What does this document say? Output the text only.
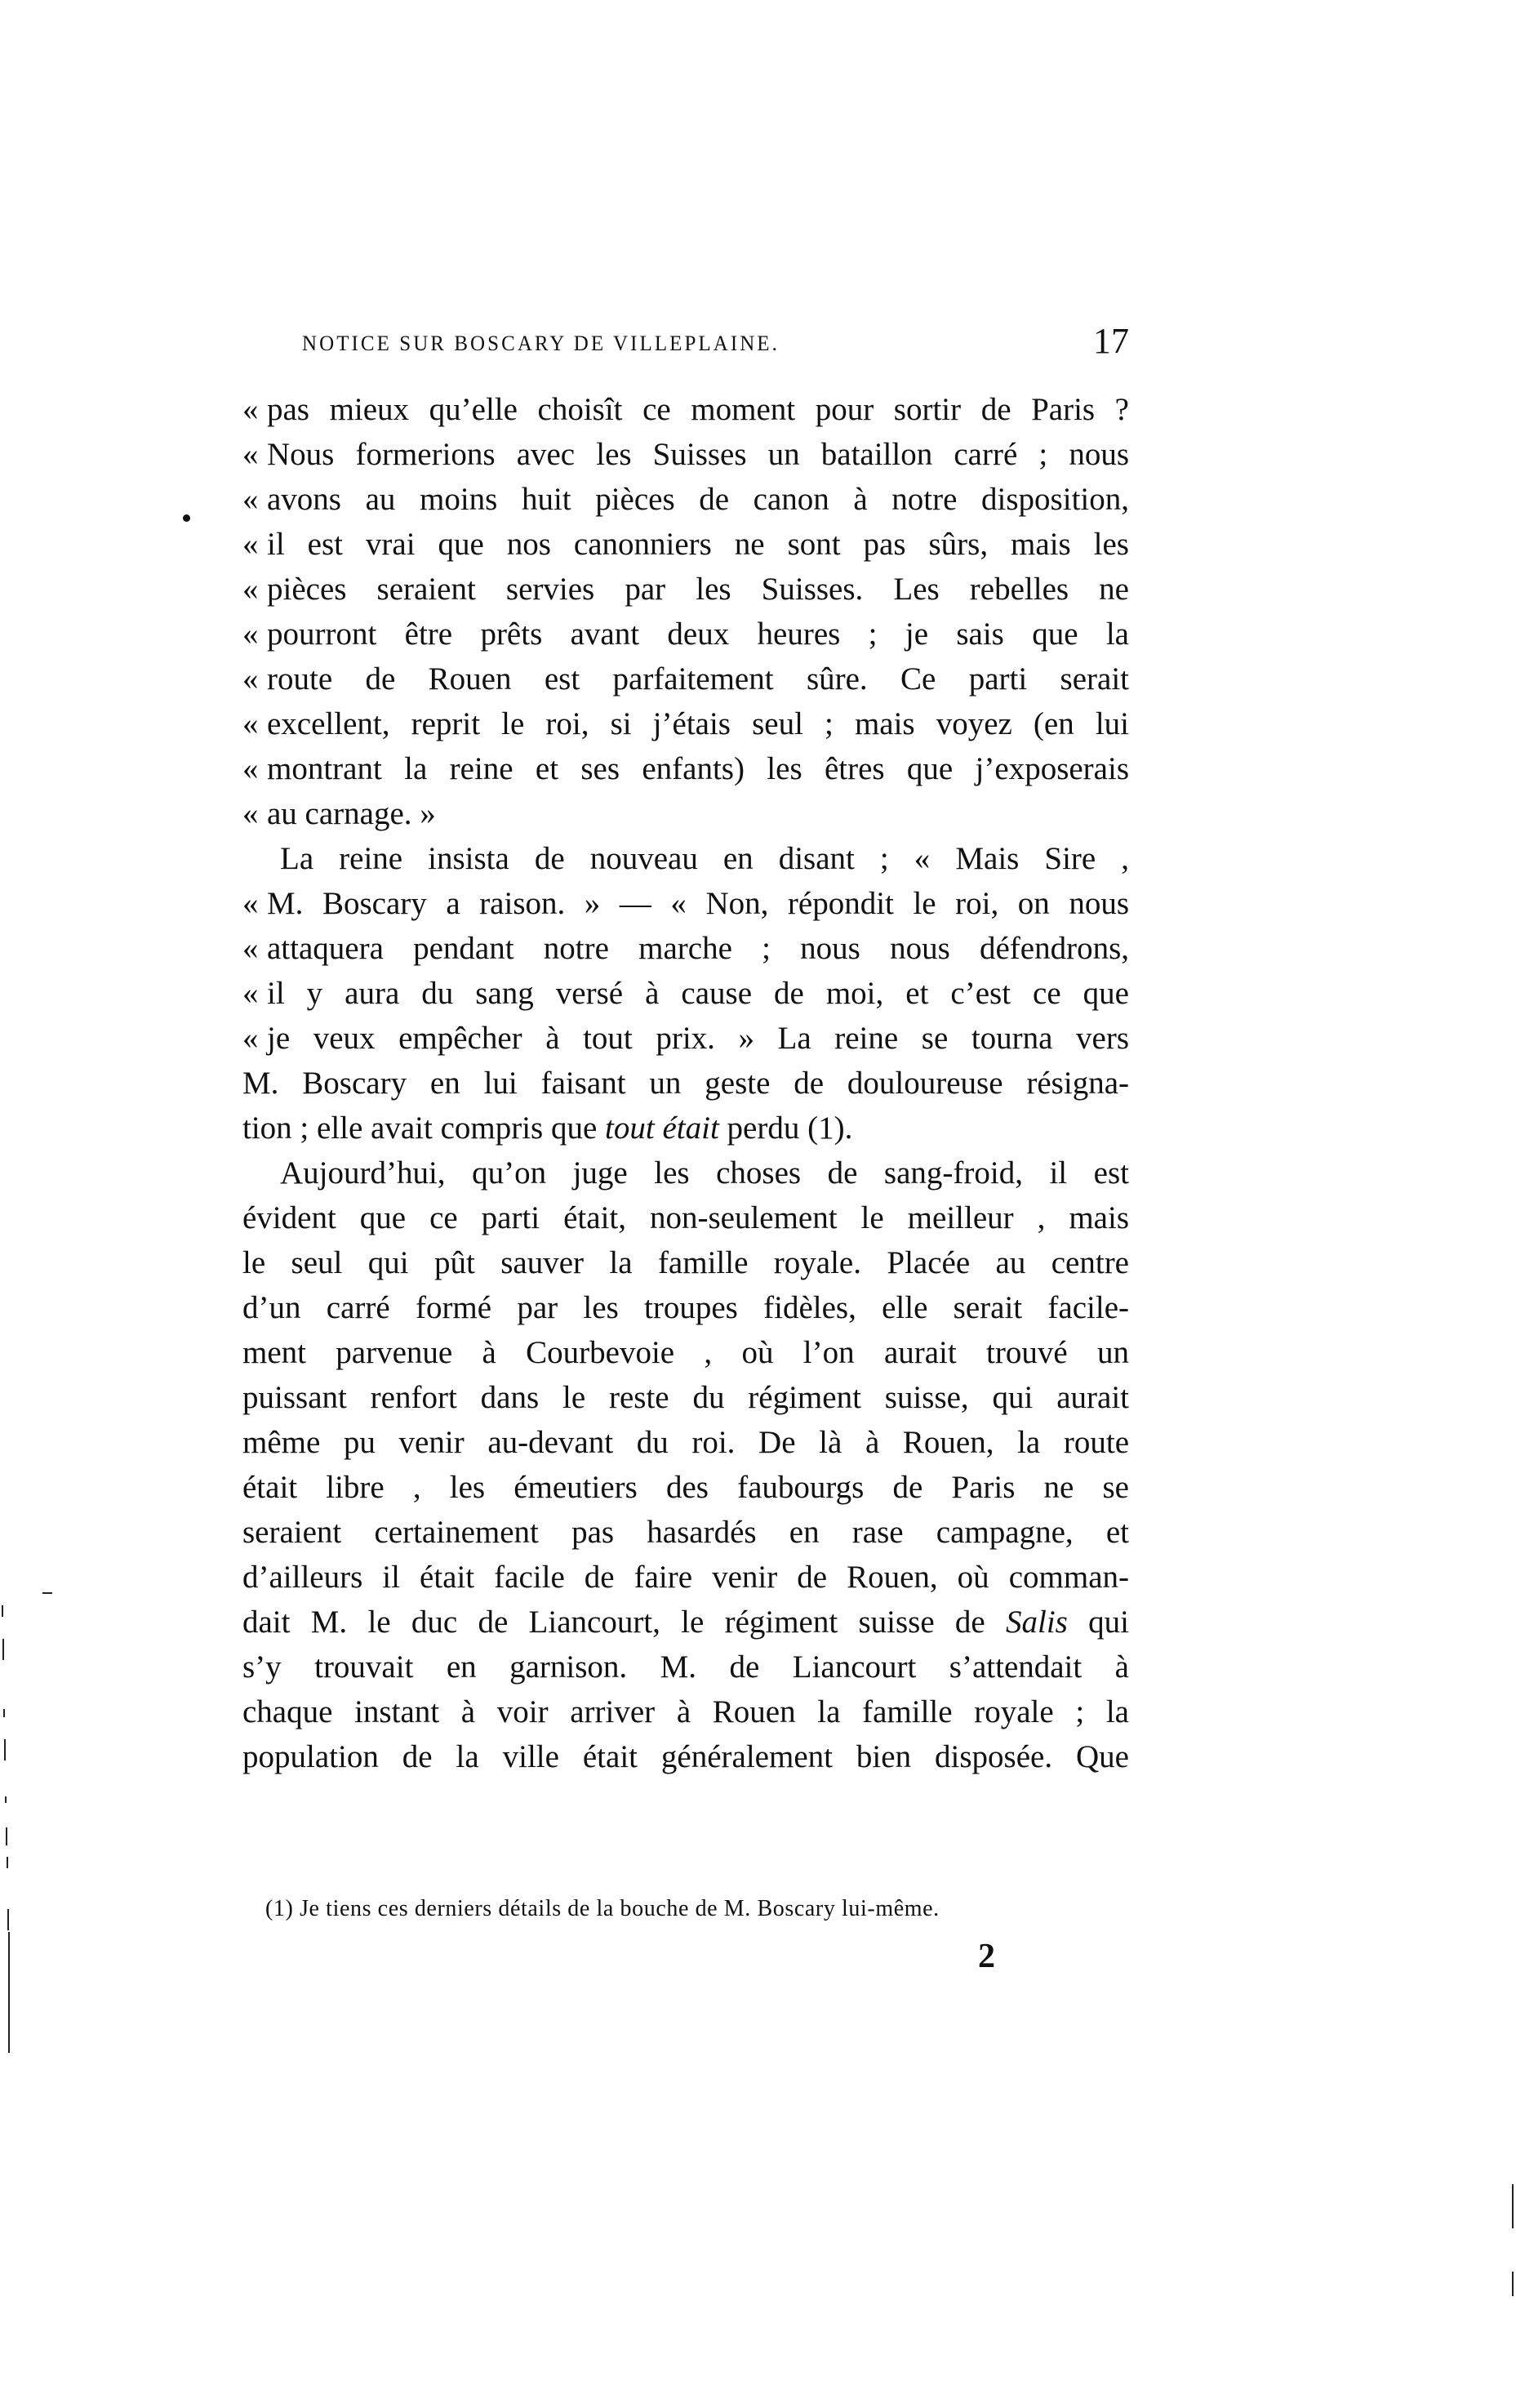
NOTICE SUR BOSCARY DE VILLEPLAINE.	17
« pas mieux qu’elle choisît ce moment pour sortir de Paris ?
« Nous formerions avec les Suisses un bataillon carré ; nous
« avons au moins huit pièces de canon à notre disposition,
« il est vrai que nos canonniers ne sont pas sûrs, mais les
« pièces seraient servies par les Suisses. Les rebelles ne
« pourront être prêts avant deux heures ; je sais que la
« route de Rouen est parfaitement sûre. Ce parti serait
« excellent, reprit le roi, si j’étais seul ; mais voyez (en lui
« montrant la reine et ses enfants) les êtres que j’exposerais
« au carnage. »
La reine insista de nouveau en disant ; « Mais Sire ,
« M. Boscary a raison. » — « Non, répondit le roi, on nous
« attaquera pendant notre marche ; nous nous défendrons,
« il y aura du sang versé à cause de moi, et c’est ce que
« je veux empêcher à tout prix. » La reine se tourna vers
M. Boscary en lui faisant un geste de douloureuse résigna-
tion ; elle avait compris que tout était perdu (1).
Aujourd’hui, qu’on juge les choses de sang-froid, il est
évident que ce parti était, non-seulement le meilleur , mais
le seul qui pût sauver la famille royale. Placée au centre
d’un carré formé par les troupes fidèles, elle serait facile-
ment parvenue à Courbevoie , où l’on aurait trouvé un
puissant renfort dans le reste du régiment suisse, qui aurait
même pu venir au-devant du roi. De là à Rouen, la route
était libre , les émeutiers des faubourgs de Paris ne se
seraient certainement pas hasardés en rase campagne, et
d’ailleurs il était facile de faire venir de Rouen, où comman-
dait M. le duc de Liancourt, le régiment suisse de Salis qui
s’y trouvait en garnison. M. de Liancourt s’attendait à
chaque instant à voir arriver à Rouen la famille royale ; la
population de la ville était généralement bien disposée. Que
(1) Je tiens ces derniers détails de la bouche de M. Boscary lui-même.
2
